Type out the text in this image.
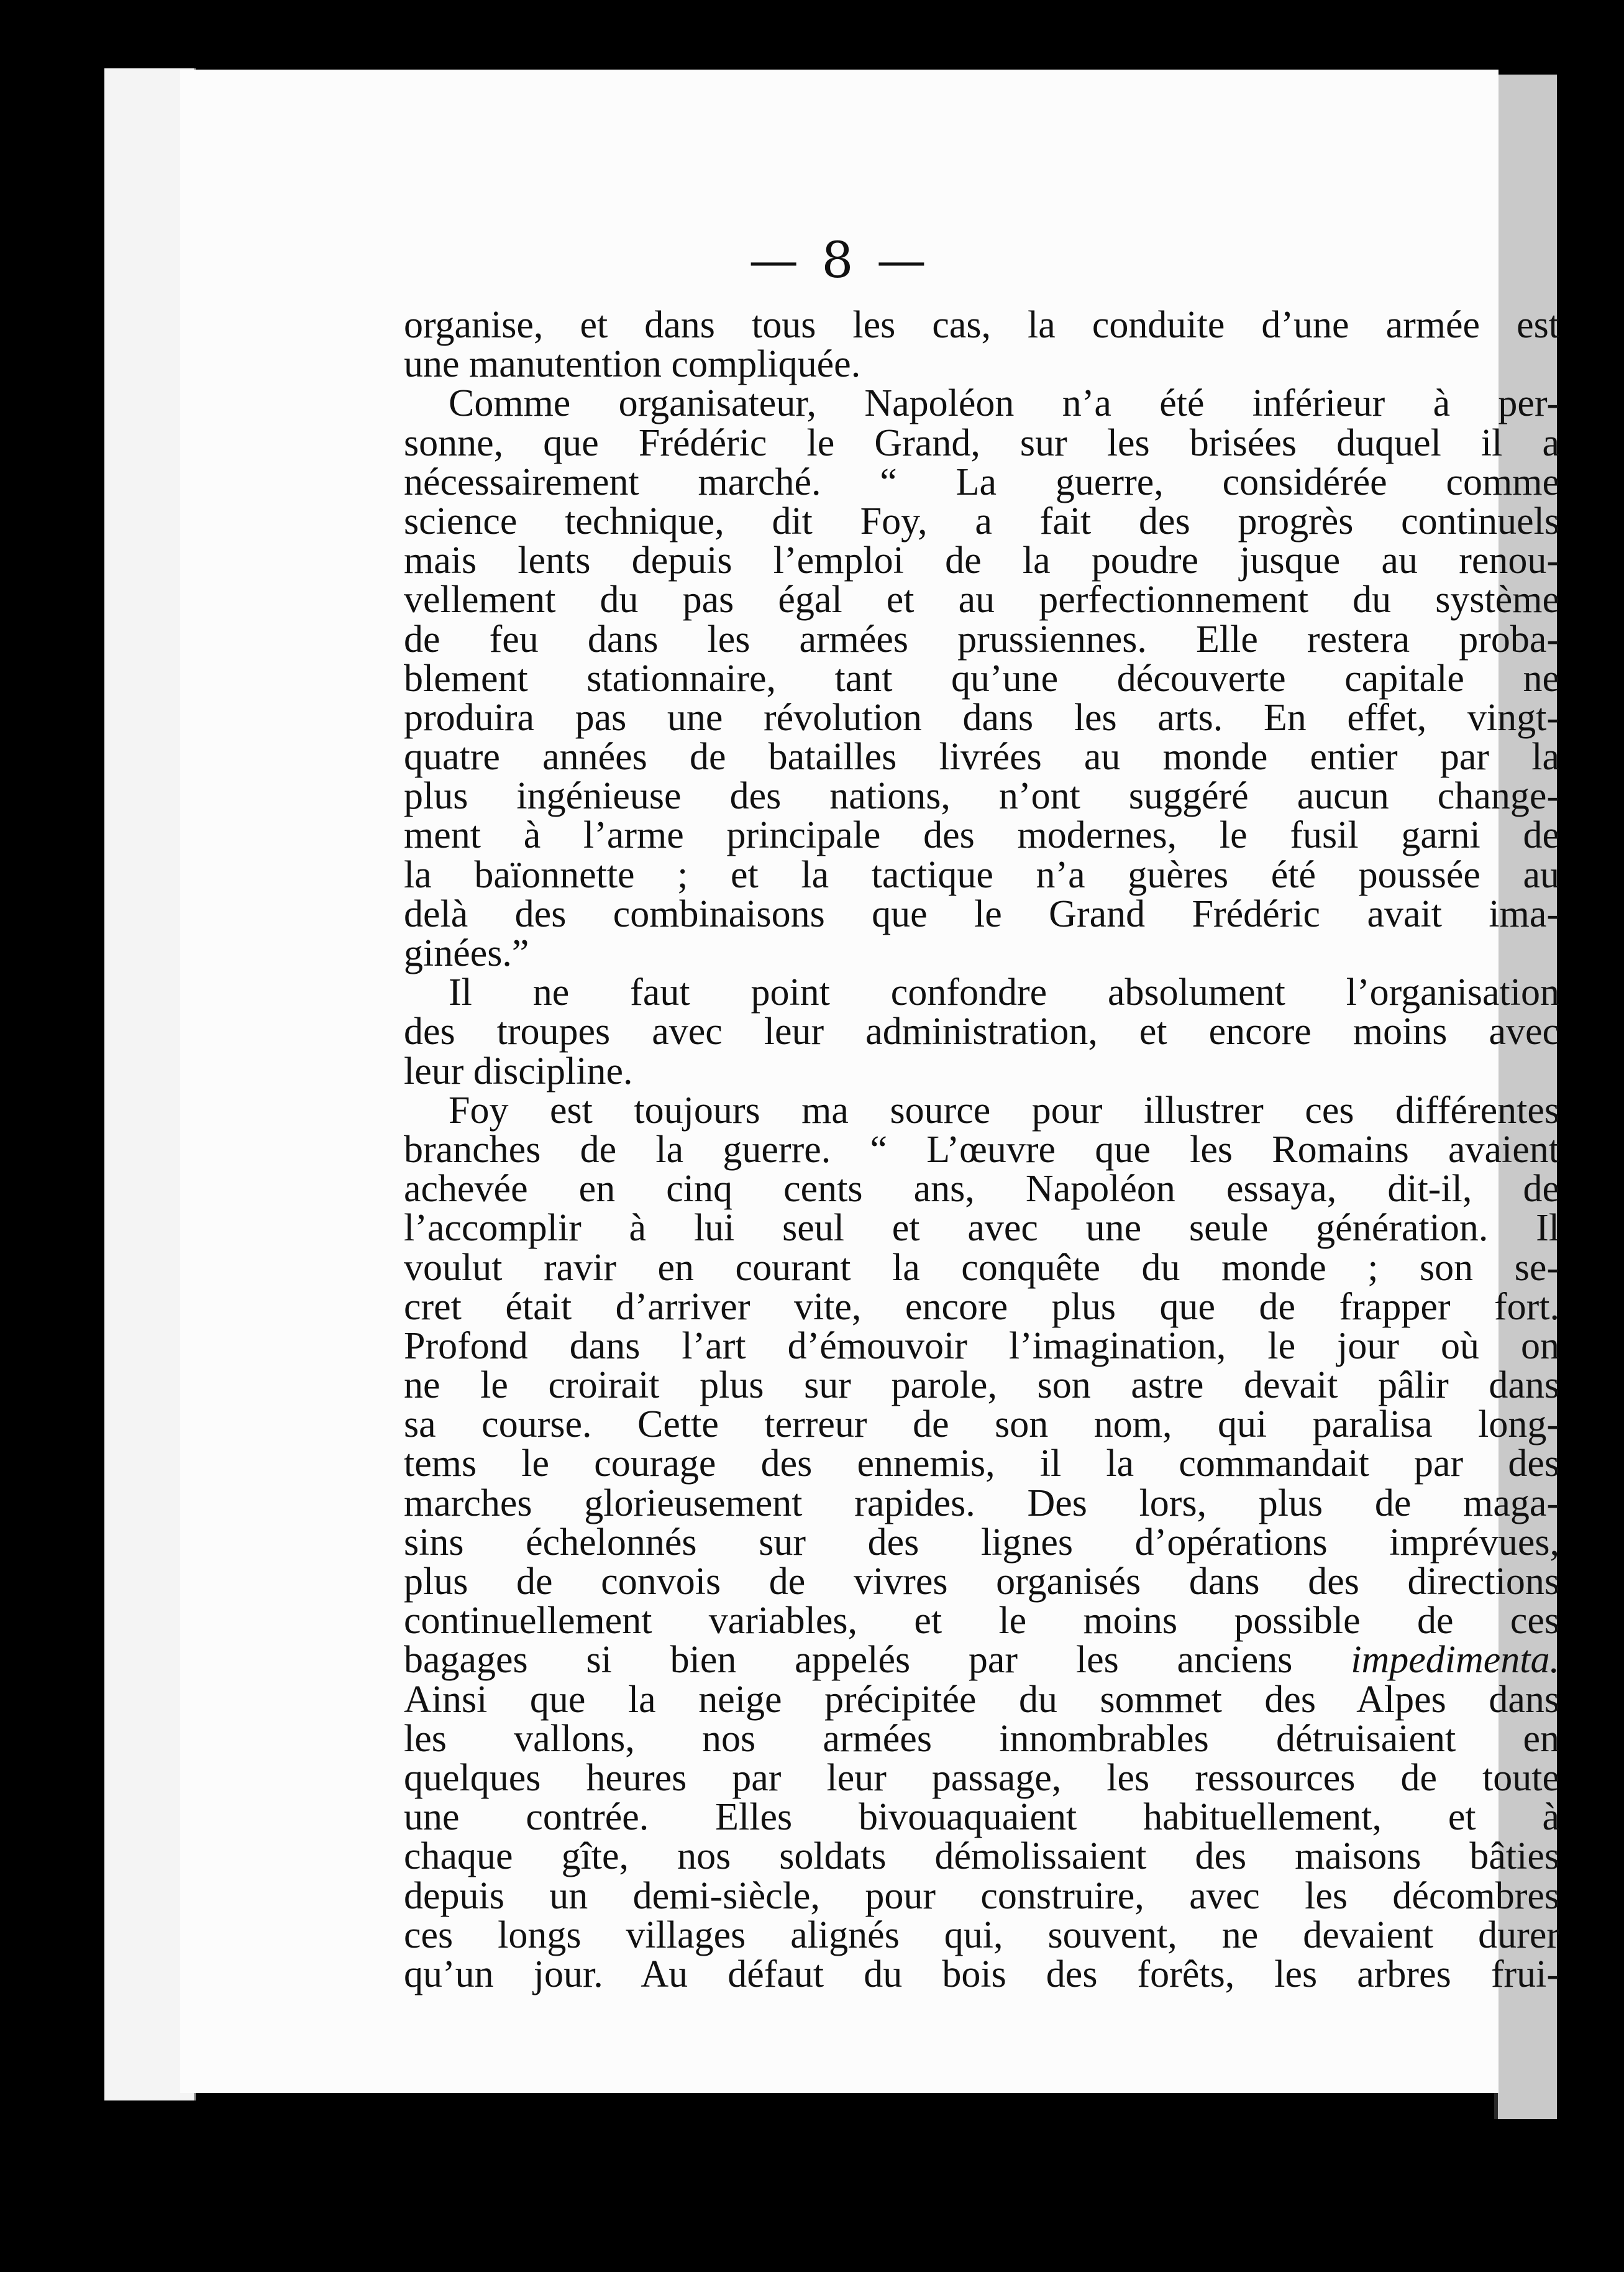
— 8 —
organise, et dans tous les cas, la conduite d’une armée est
une manutention compliquée.
Comme organisateur, Napoléon n’a été inférieur à per-
sonne, que Frédéric le Grand, sur les brisées duquel il a
nécessairement marché. “ La guerre, considérée comme
science technique, dit Foy, a fait des progrès continuels
mais lents depuis l’emploi de la poudre jusque au renou-
vellement du pas égal et au perfectionnement du système
de feu dans les armées prussiennes. Elle restera proba-
blement stationnaire, tant qu’une découverte capitale ne
produira pas une révolution dans les arts. En effet, vingt-
quatre années de batailles livrées au monde entier par la
plus ingénieuse des nations, n’ont suggéré aucun change-
ment à l’arme principale des modernes, le fusil garni de
la baïonnette ; et la tactique n’a guères été poussée au
delà des combinaisons que le Grand Frédéric avait ima-
ginées.”
Il ne faut point confondre absolument l’organisation
des troupes avec leur administration, et encore moins avec
leur discipline.
Foy est toujours ma source pour illustrer ces différentes
branches de la guerre. “ L’œuvre que les Romains avaient
achevée en cinq cents ans, Napoléon essaya, dit-il, de
l’accomplir à lui seul et avec une seule génération. Il
voulut ravir en courant la conquête du monde ; son se-
cret était d’arriver vite, encore plus que de frapper fort.
Profond dans l’art d’émouvoir l’imagination, le jour où on
ne le croirait plus sur parole, son astre devait pâlir dans
sa course. Cette terreur de son nom, qui paralisa long-
tems le courage des ennemis, il la commandait par des
marches glorieusement rapides. Des lors, plus de maga-
sins échelonnés sur des lignes d’opérations imprévues,
plus de convois de vivres organisés dans des directions
continuellement variables, et le moins possible de ces
bagages si bien appelés par les anciens impedimenta.
Ainsi que la neige précipitée du sommet des Alpes dans
les vallons, nos armées innombrables détruisaient en
quelques heures par leur passage, les ressources de toute
une contrée. Elles bivouaquaient habituellement, et à
chaque gîte, nos soldats démolissaient des maisons bâties
depuis un demi-siècle, pour construire, avec les décombres
ces longs villages alignés qui, souvent, ne devaient durer
qu’un jour. Au défaut du bois des forêts, les arbres frui-
